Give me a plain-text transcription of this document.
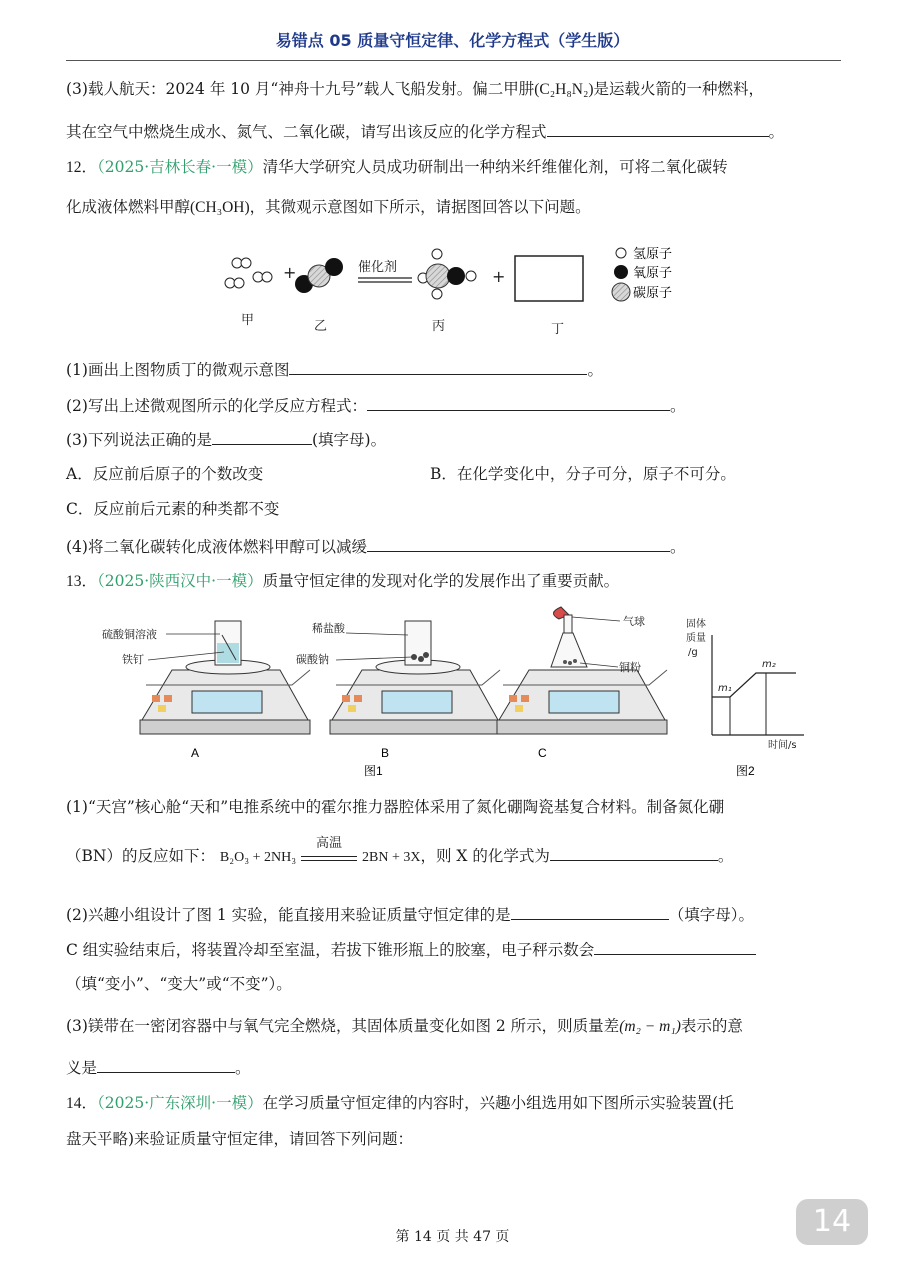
易错点 05 质量守恒定律、化学方程式（学生版）
(3)载人航天：2024 年 10 月“神舟十九号”载人飞船发射。偏二甲肼(C₂H₈N₂)是运载火箭的一种燃料，
其在空气中燃烧生成水、氮气、二氧化碳，请写出该反应的化学方程式	。
12．（2025·吉林长春·一模）清华大学研究人员成功研制出一种纳米纤维催化剂，可将二氧化碳转
化成液体燃料甲醇(CH₃OH)，其微观示意图如下所示，请据图回答以下问题。
+	催化剂	+
氢原子
氧原子
碳原子
甲	乙	丙	丁
(1)画出上图物质丁的微观示意图	。
(2)写出上述微观图所示的化学反应方程式：	。
(3)下列说法正确的是	(填字母)。
A．反应前后原子的个数改变	B．在化学变化中，分子可分，原子不可分。
C．反应前后元素的种类都不变
(4)将二氧化碳转化成液体燃料甲醇可以减缓	。
13．（2025·陕西汉中·一模）质量守恒定律的发现对化学的发展作出了重要贡献。
硫酸铜溶液
铁钉
A
稀盐酸
碳酸钠
B
气球
铜粉
C
图1
固体
质量
/g
m₁
m₂
时间/s
图2
(1)“天宫”核心舱“天和”电推系统中的霍尔推力器腔体采用了氮化硼陶瓷基复合材料。制备氮化硼
（BN）的反应如下： B₂O₃ + 2NH₃
高温
2BN + 3X，则 X 的化学式为	。
(2)兴趣小组设计了图 1 实验，能直接用来验证质量守恒定律的是	（填字母）。
C 组实验结束后，将装置冷却至室温，若拔下锥形瓶上的胶塞，电子秤示数会
（填“变小”、“变大”或“不变”）。
(3)镁带在一密闭容器中与氧气完全燃烧，其固体质量变化如图 2 所示，则质量差(m₂ − m₁)表示的意
义是	。
14．（2025·广东深圳·一模）在学习质量守恒定律的内容时，兴趣小组选用如下图所示实验装置(托
盘天平略)来验证质量守恒定律，请回答下列问题：
第 14 页 共 47 页	14
